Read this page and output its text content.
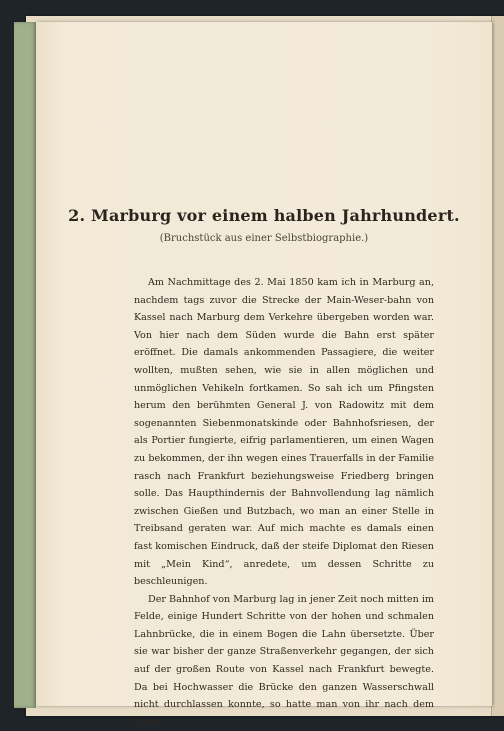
2. Marburg vor einem halben Jahrhundert.
(Bruchstück aus einer Selbstbiographie.)

Am Nachmittage des 2. Mai 1850 kam ich in Marburg an, nachdem tags zuvor die Strecke der Main-Weser-bahn von Kassel nach Marburg dem Verkehre übergeben worden war. Von hier nach dem Süden wurde die Bahn erst später eröffnet. Die damals ankommenden Passagiere, die weiter wollten, mußten sehen, wie sie in allen möglichen und unmöglichen Vehikeln fortkamen. So sah ich um Pfingsten herum den berühmten General J. von Radowitz mit dem sogenannten Siebenmonatskinde oder Bahnhofsriesen, der als Portier fungierte, eifrig parlamentieren, um einen Wagen zu bekommen, der ihn wegen eines Trauerfalls in der Familie rasch nach Frankfurt beziehungsweise Friedberg bringen solle. Das Haupthindernis der Bahnvollendung lag nämlich zwischen Gießen und Butzbach, wo man an einer Stelle in Treibsand geraten war. Auf mich machte es damals einen fast komischen Eindruck, daß der steife Diplomat den Riesen mit „Mein Kind“, anredete, um dessen Schritte zu beschleunigen.

Der Bahnhof von Marburg lag in jener Zeit noch mitten im Felde, einige Hundert Schritte von der hohen und schmalen Lahnbrücke, die in einem Bogen die Lahn übersetzte. Über sie war bisher der ganze Straßenverkehr gegangen, der sich auf der großen Route von Kassel nach Frankfurt bewegte. Da bei Hochwasser die Brücke den ganzen Wasserschwall nicht durchlassen konnte, so hatte man von ihr nach dem Stadt-
